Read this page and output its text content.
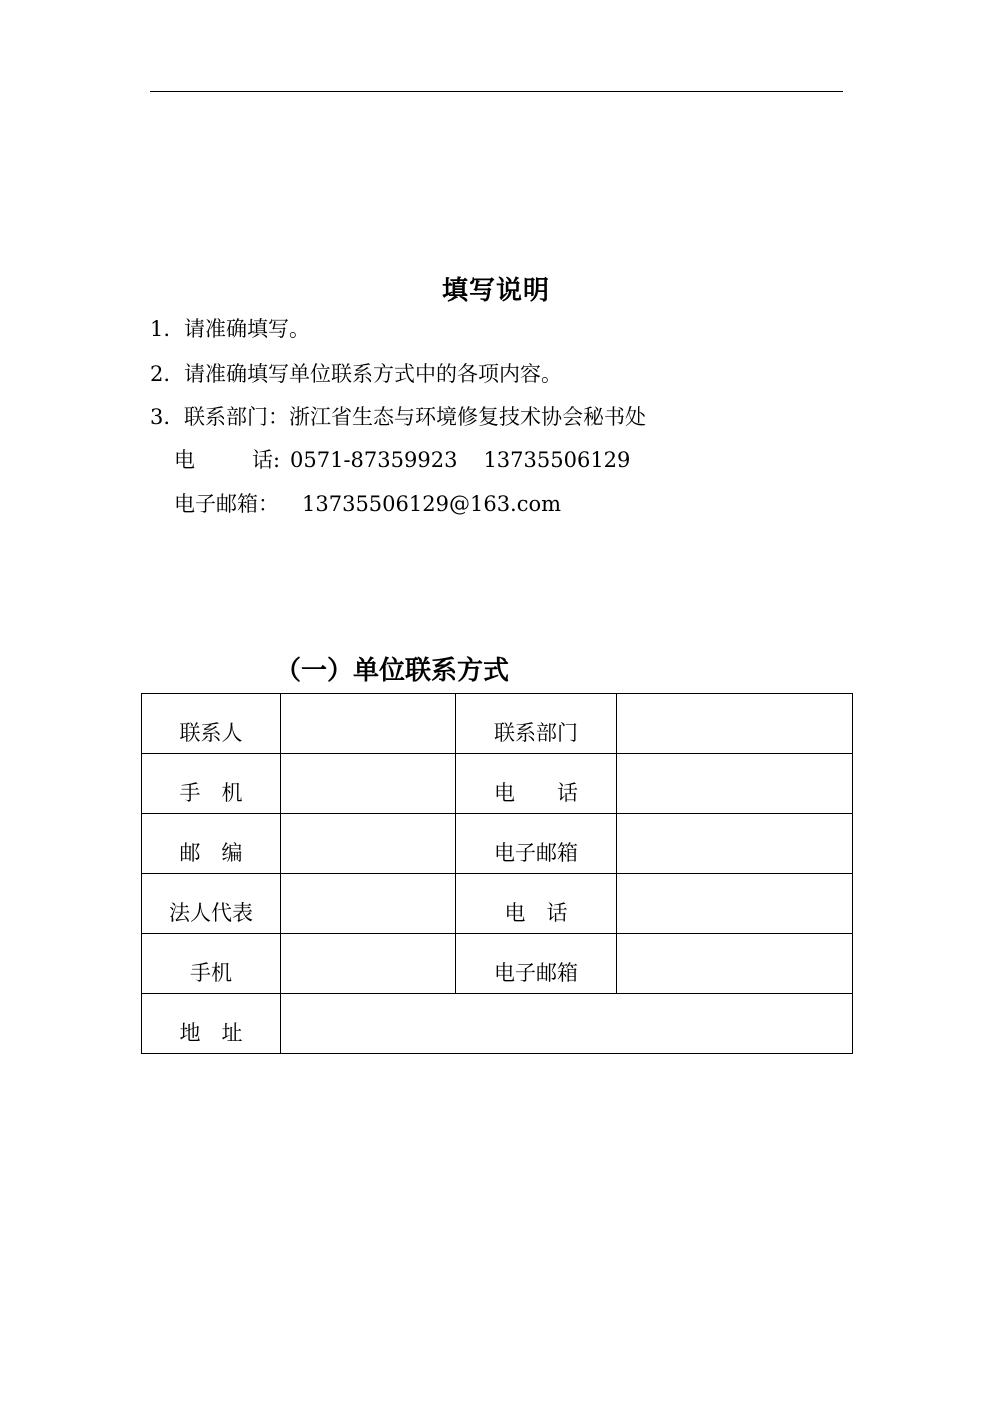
填写说明
1. 请准确填写。
2. 请准确填写单位联系方式中的各项内容。
3. 联系部门：浙江省生态与环境修复技术协会秘书处
电	话: 0571-87359923 13735506129
电子邮箱： 13735506129@163.com
（一）单位联系方式
联系人		联系部门	
手　机		电　　话	
邮　编		电子邮箱	
法人代表		电　话	
手机		电子邮箱	
地　址			
